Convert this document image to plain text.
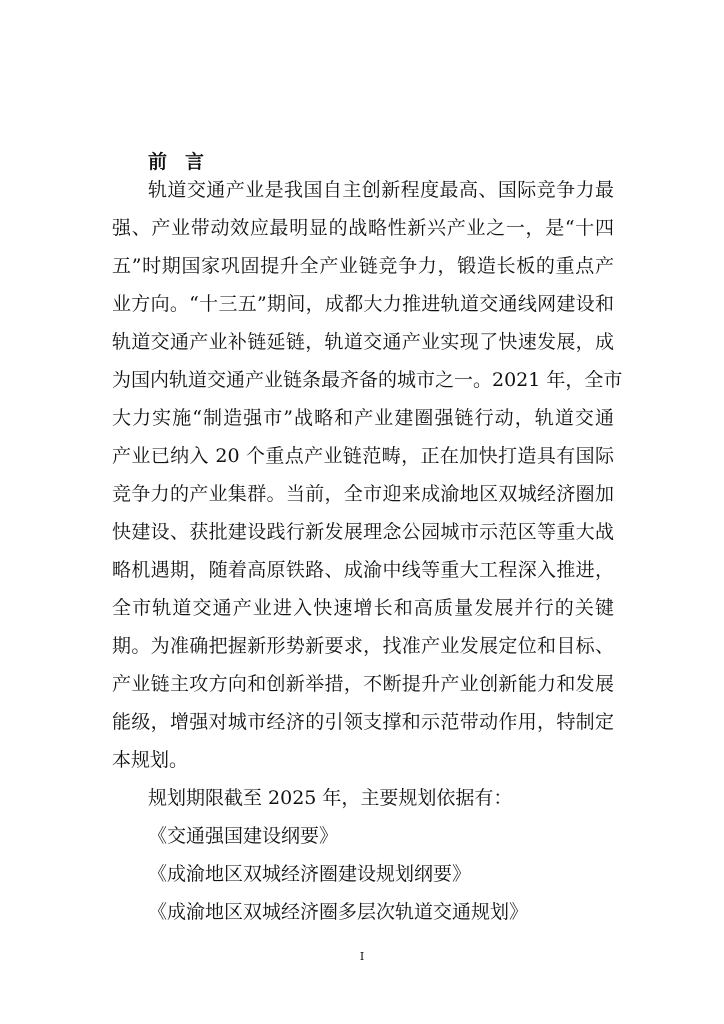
前言
轨道交通产业是我国自主创新程度最高、国际竞争力最
强、产业带动效应最明显的战略性新兴产业之一，是“十四
五”时期国家巩固提升全产业链竞争力，锻造长板的重点产
业方向。“十三五”期间，成都大力推进轨道交通线网建设和
轨道交通产业补链延链，轨道交通产业实现了快速发展，成
为国内轨道交通产业链条最齐备的城市之一。2021 年，全市
大力实施“制造强市”战略和产业建圈强链行动，轨道交通
产业已纳入 20 个重点产业链范畴，正在加快打造具有国际
竞争力的产业集群。当前，全市迎来成渝地区双城经济圈加
快建设、获批建设践行新发展理念公园城市示范区等重大战
略机遇期，随着高原铁路、成渝中线等重大工程深入推进，
全市轨道交通产业进入快速增长和高质量发展并行的关键
期。为准确把握新形势新要求，找准产业发展定位和目标、
产业链主攻方向和创新举措，不断提升产业创新能力和发展
能级，增强对城市经济的引领支撑和示范带动作用，特制定
本规划。
规划期限截至 2025 年，主要规划依据有：
《交通强国建设纲要》
《成渝地区双城经济圈建设规划纲要》
《成渝地区双城经济圈多层次轨道交通规划》
I
